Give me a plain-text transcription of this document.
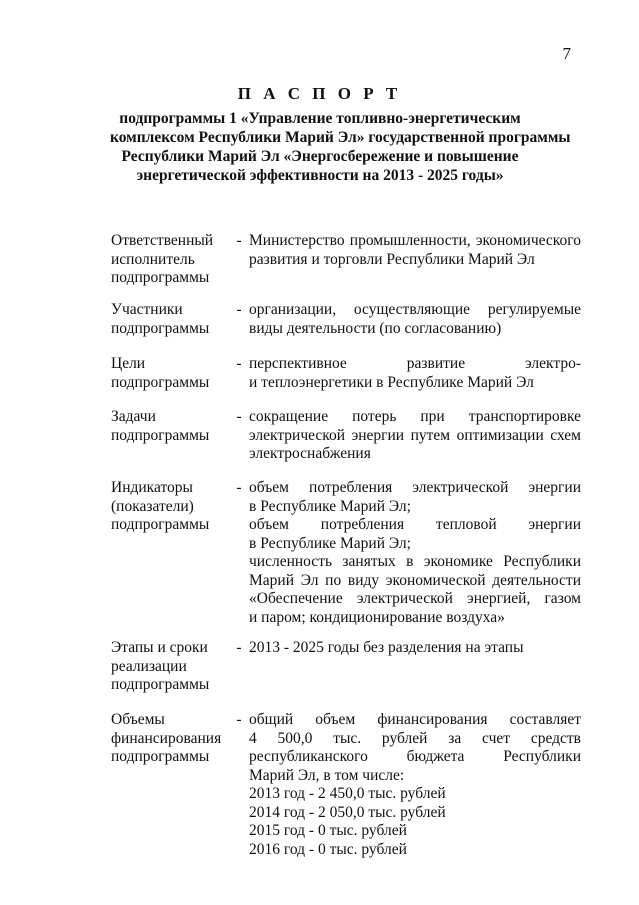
7
П А С П О Р Т
подпрограммы 1 «Управление топливно-энергетическим
комплексом Республики Марий Эл» государственной программы
Республики Марий Эл «Энергосбережение и повышение
энергетической эффективности на 2013 - 2025 годы»
Ответственный
исполнитель
подпрограммы
- Министерство промышленности, экономического
развития и торговли Республики Марий Эл
Участники
подпрограммы
- организации, осуществляющие регулируемые
виды деятельности (по согласованию)
Цели
подпрограммы
- перспективное развитие электро-
и теплоэнергетики в Республике Марий Эл
Задачи
подпрограммы
- сокращение потерь при транспортировке
электрической энергии путем оптимизации схем
электроснабжения
Индикаторы
(показатели)
подпрограммы
- объем потребления электрической энергии
в Республике Марий Эл;
объем потребления тепловой энергии
в Республике Марий Эл;
численность занятых в экономике Республики
Марий Эл по виду экономической деятельности
«Обеспечение электрической энергией, газом
и паром; кондиционирование воздуха»
Этапы и сроки
реализации
подпрограммы
- 2013 - 2025 годы без разделения на этапы
Объемы
финансирования
подпрограммы
- общий объем финансирования составляет
4 500,0 тыс. рублей за счет средств
республиканского бюджета Республики
Марий Эл, в том числе:
2013 год - 2 450,0 тыс. рублей
2014 год - 2 050,0 тыс. рублей
2015 год - 0 тыс. рублей
2016 год - 0 тыс. рублей
